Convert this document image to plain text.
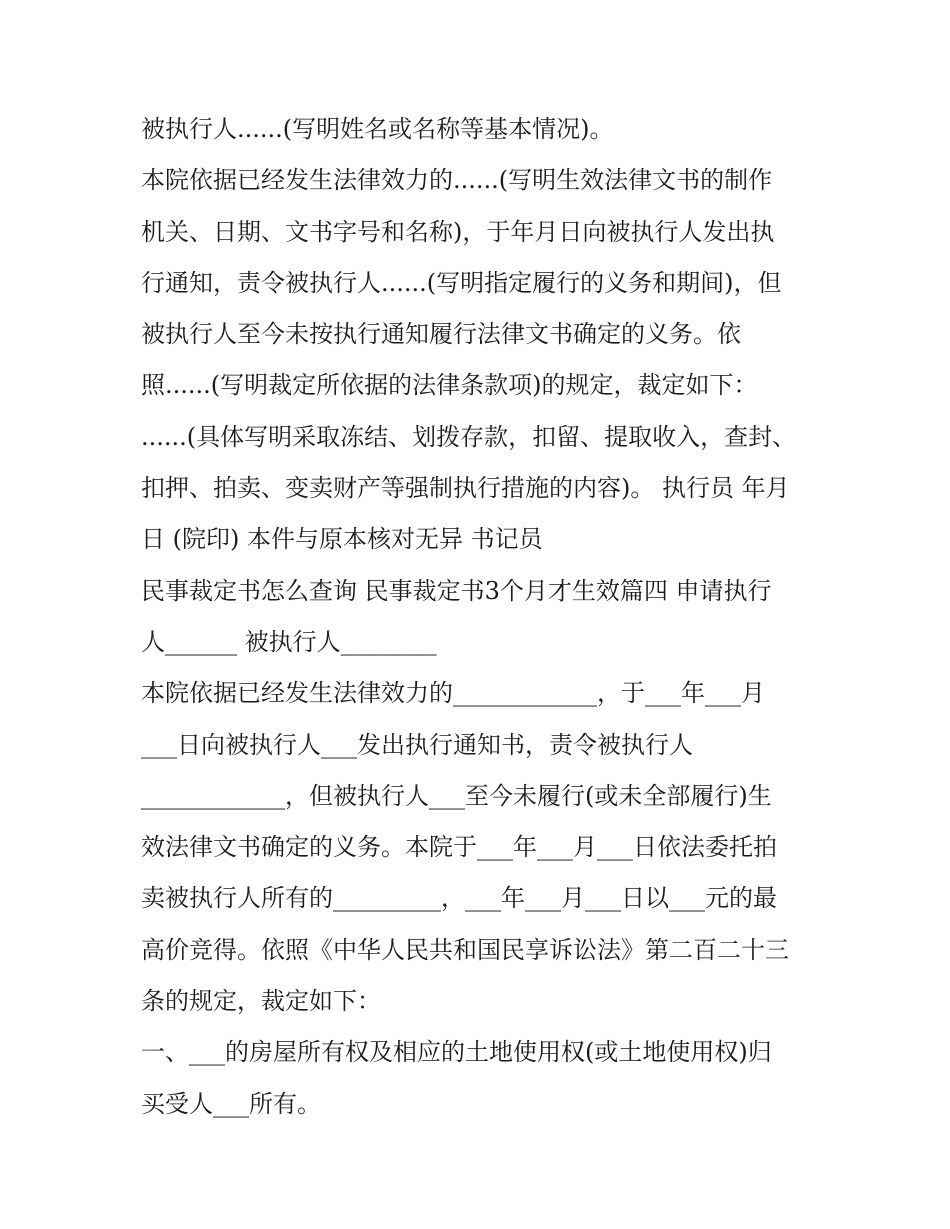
被执行人......(写明姓名或名称等基本情况)。
本院依据已经发生法律效力的......(写明生效法律文书的制作
机关、日期、文书字号和名称)，于年月日向被执行人发出执
行通知，责令被执行人......(写明指定履行的义务和期间)，但
被执行人至今未按执行通知履行法律文书确定的义务。依
照......(写明裁定所依据的法律条款项)的规定，裁定如下：
......(具体写明采取冻结、划拨存款，扣留、提取收入，查封、
扣押、拍卖、变卖财产等强制执行措施的内容)。 执行员 年月
日 (院印) 本件与原本核对无异 书记员
民事裁定书怎么查询 民事裁定书3个月才生效篇四 申请执行
人______ 被执行人________
本院依据已经发生法律效力的____________，于___年___月
___日向被执行人___发出执行通知书，责令被执行人
____________，但被执行人___至今未履行(或未全部履行)生
效法律文书确定的义务。本院于___年___月___日依法委托拍
卖被执行人所有的_________，___年___月___日以___元的最
高价竞得。依照《中华人民共和国民享诉讼法》第二百二十三
条的规定，裁定如下：
一、___的房屋所有权及相应的土地使用权(或土地使用权)归
买受人___所有。
